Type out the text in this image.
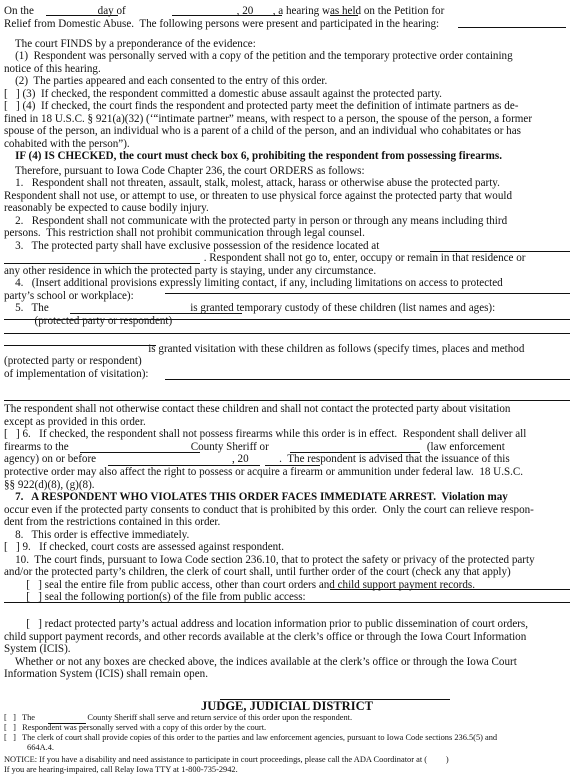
On the                       day of                                        , 20       , a hearing was held on the Petition for
Relief from Domestic Abuse.  The following persons were present and participated in the hearing:
The court FINDS by a preponderance of the evidence:
(1)  Respondent was personally served with a copy of the petition and the temporary protective order containing
notice of this hearing.
(2)  The parties appeared and each consented to the entry of this order.
[   ] (3)  If checked, the respondent committed a domestic abuse assault against the protected party.
[   ] (4)  If checked, the court finds the respondent and protected party meet the definition of intimate partners as de-
fined in 18 U.S.C. § 921(a)(32) (‘“intimate partner” means, with respect to a person, the spouse of the person, a former
spouse of the person, an individual who is a parent of a child of the person, and an individual who cohabitates or has
cohabited with the person”).
IF (4) IS CHECKED, the court must check box 6, prohibiting the respondent from possessing firearms.
Therefore, pursuant to Iowa Code Chapter 236, the court ORDERS as follows:
1.   Respondent shall not threaten, assault, stalk, molest, attack, harass or otherwise abuse the protected party.
Respondent shall not use, or attempt to use, or threaten to use physical force against the protected party that would
reasonably be expected to cause bodily injury.
2.   Respondent shall not communicate with the protected party in person or through any means including third
persons.  This restriction shall not prohibit communication through legal counsel.
3.   The protected party shall have exclusive possession of the residence located at
. Respondent shall not go to, enter, occupy or remain in that residence or
any other residence in which the protected party is staying, under any circumstance.
4.   (Insert additional provisions expressly limiting contact, if any, including limitations on access to protected
party’s school or workplace):
5.   The                                                   is granted temporary custody of these children (list names and ages):
(protected party or respondent)
is granted visitation with these children as follows (specify times, places and method
(protected party or respondent)
of implementation of visitation):
The respondent shall not otherwise contact these children and shall not contact the protected party about visitation
except as provided in this order.
[   ] 6.   If checked, the respondent shall not possess firearms while this order is in effect.  Respondent shall deliver all
firearms to the                                            County Sheriff or                                                         (law enforcement
agency) on or before                                                 , 20           .  The respondent is advised that the issuance of this
protective order may also affect the right to possess or acquire a firearm or ammunition under federal law.  18 U.S.C.
§§ 922(d)(8), (g)(8).
7.   A RESPONDENT WHO VIOLATES THIS ORDER FACES IMMEDIATE ARREST.  Violation may
occur even if the protected party consents to conduct that is prohibited by this order.  Only the court can relieve respon-
dent from the restrictions contained in this order.
8.   This order is effective immediately.
[   ] 9.   If checked, court costs are assessed against respondent.
10.  The court finds, pursuant to Iowa Code section 236.10, that to protect the safety or privacy of the protected party
and/or the protected party’s children, the clerk of court shall, until further order of the court (check any that apply)
[   ] seal the entire file from public access, other than court orders and child support payment records.
[   ] seal the following portion(s) of the file from public access:
[   ] redact protected party’s actual address and location information prior to public dissemination of court orders,
child support payment records, and other records available at the clerk’s office or through the Iowa Court Information
System (ICIS).
Whether or not any boxes are checked above, the indices available at the clerk’s office or through the Iowa Court
Information System (ICIS) shall remain open.
JUDGE, JUDICIAL DISTRICT
[   ]   The                         County Sheriff shall serve and return service of this order upon the respondent.
[   ]   Respondent was personally served with a copy of this order by the court.
[   ]   The clerk of court shall provide copies of this order to the parties and law enforcement agencies, pursuant to Iowa Code sections 236.5(5) and
664A.4.
NOTICE: If you have a disability and need assistance to participate in court proceedings, please call the ADA Coordinator at (         )
If you are hearing-impaired, call Relay Iowa TTY at 1-800-735-2942.
